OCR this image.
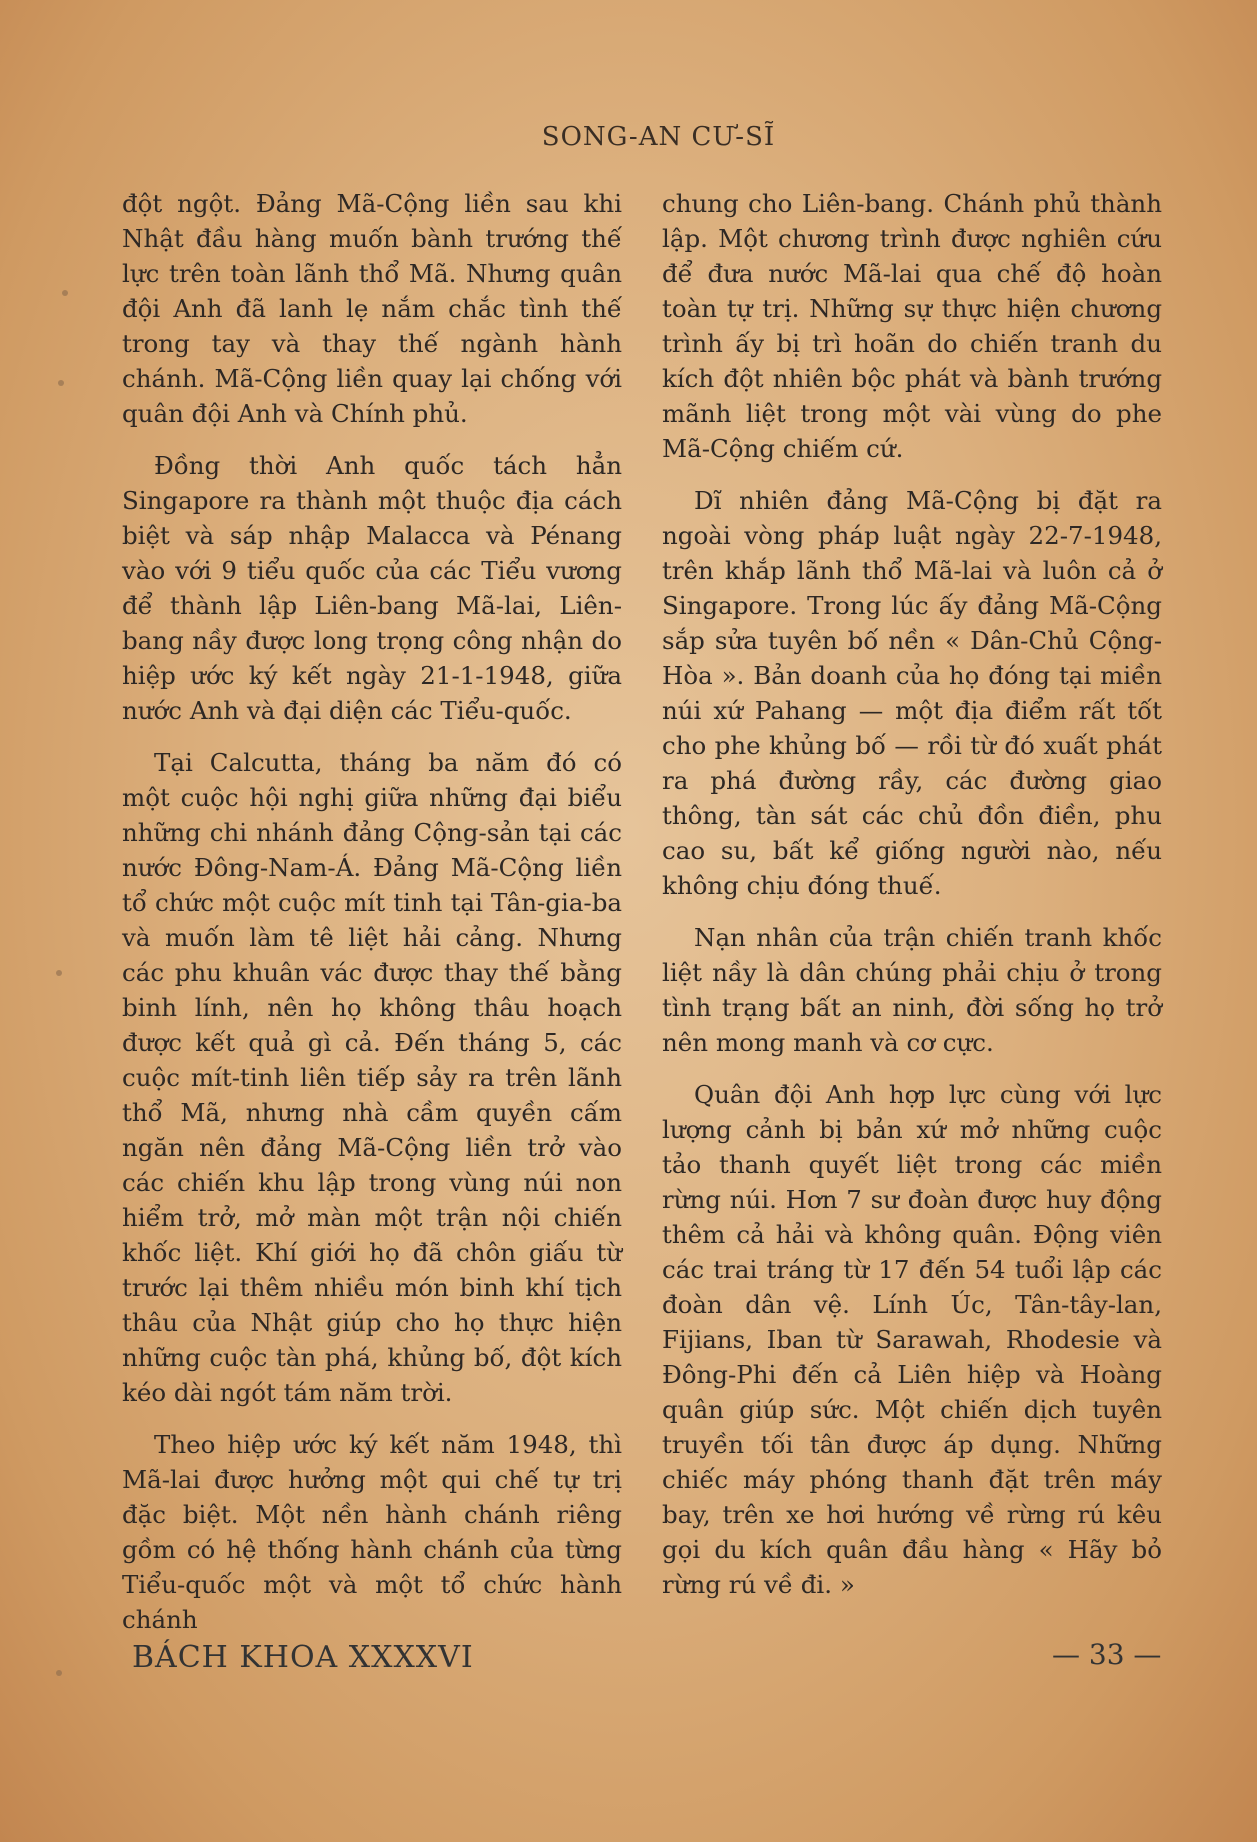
SONG-AN CƯ-SĨ

đột ngột. Đảng Mã-Cộng liền sau khi Nhật đầu hàng muốn bành trướng thế lực trên toàn lãnh thổ Mã. Nhưng quân đội Anh đã lanh lẹ nắm chắc tình thế trong tay và thay thế ngành hành chánh. Mã-Cộng liền quay lại chống với quân đội Anh và Chính phủ.

Đồng thời Anh quốc tách hẳn Singapore ra thành một thuộc địa cách biệt và sáp nhập Malacca và Pénang vào với 9 tiểu quốc của các Tiểu vương để thành lập Liên-bang Mã-lai, Liên-bang nầy được long trọng công nhận do hiệp ước ký kết ngày 21-1-1948, giữa nước Anh và đại diện các Tiểu-quốc.

Tại Calcutta, tháng ba năm đó có một cuộc hội nghị giữa những đại biểu những chi nhánh đảng Cộng-sản tại các nước Đông-Nam-Á. Đảng Mã-Cộng liền tổ chức một cuộc mít tinh tại Tân-gia-ba và muốn làm tê liệt hải cảng. Nhưng các phu khuân vác được thay thế bằng binh lính, nên họ không thâu hoạch được kết quả gì cả. Đến tháng 5, các cuộc mít-tinh liên tiếp sảy ra trên lãnh thổ Mã, nhưng nhà cầm quyền cấm ngăn nên đảng Mã-Cộng liền trở vào các chiến khu lập trong vùng núi non hiểm trở, mở màn một trận nội chiến khốc liệt. Khí giới họ đã chôn giấu từ trước lại thêm nhiều món binh khí tịch thâu của Nhật giúp cho họ thực hiện những cuộc tàn phá, khủng bố, đột kích kéo dài ngót tám năm trời.

Theo hiệp ước ký kết năm 1948, thì Mã-lai được hưởng một qui chế tự trị đặc biệt. Một nền hành chánh riêng gồm có hệ thống hành chánh của từng Tiểu-quốc một và một tổ chức hành chánh

chung cho Liên-bang. Chánh phủ thành lập. Một chương trình được nghiên cứu để đưa nước Mã-lai qua chế độ hoàn toàn tự trị. Những sự thực hiện chương trình ấy bị trì hoãn do chiến tranh du kích đột nhiên bộc phát và bành trướng mãnh liệt trong một vài vùng do phe Mã-Cộng chiếm cứ.

Dĩ nhiên đảng Mã-Cộng bị đặt ra ngoài vòng pháp luật ngày 22-7-1948, trên khắp lãnh thổ Mã-lai và luôn cả ở Singapore. Trong lúc ấy đảng Mã-Cộng sắp sửa tuyên bố nền « Dân-Chủ Cộng-Hòa ». Bản doanh của họ đóng tại miền núi xứ Pahang — một địa điểm rất tốt cho phe khủng bố — rồi từ đó xuất phát ra phá đường rầy, các đường giao thông, tàn sát các chủ đồn điền, phu cao su, bất kể giống người nào, nếu không chịu đóng thuế.

Nạn nhân của trận chiến tranh khốc liệt nầy là dân chúng phải chịu ở trong tình trạng bất an ninh, đời sống họ trở nên mong manh và cơ cực.

Quân đội Anh hợp lực cùng với lực lượng cảnh bị bản xứ mở những cuộc tảo thanh quyết liệt trong các miền rừng núi. Hơn 7 sư đoàn được huy động thêm cả hải và không quân. Động viên các trai tráng từ 17 đến 54 tuổi lập các đoàn dân vệ. Lính Úc, Tân-tây-lan, Fijians, Iban từ Sarawah, Rhodesie và Đông-Phi đến cả Liên hiệp và Hoàng quân giúp sức. Một chiến dịch tuyên truyền tối tân được áp dụng. Những chiếc máy phóng thanh đặt trên máy bay, trên xe hơi hướng về rừng rú kêu gọi du kích quân đầu hàng « Hãy bỏ rừng rú về đi. »

BÁCH KHOA XXXXVI	— 33 —
